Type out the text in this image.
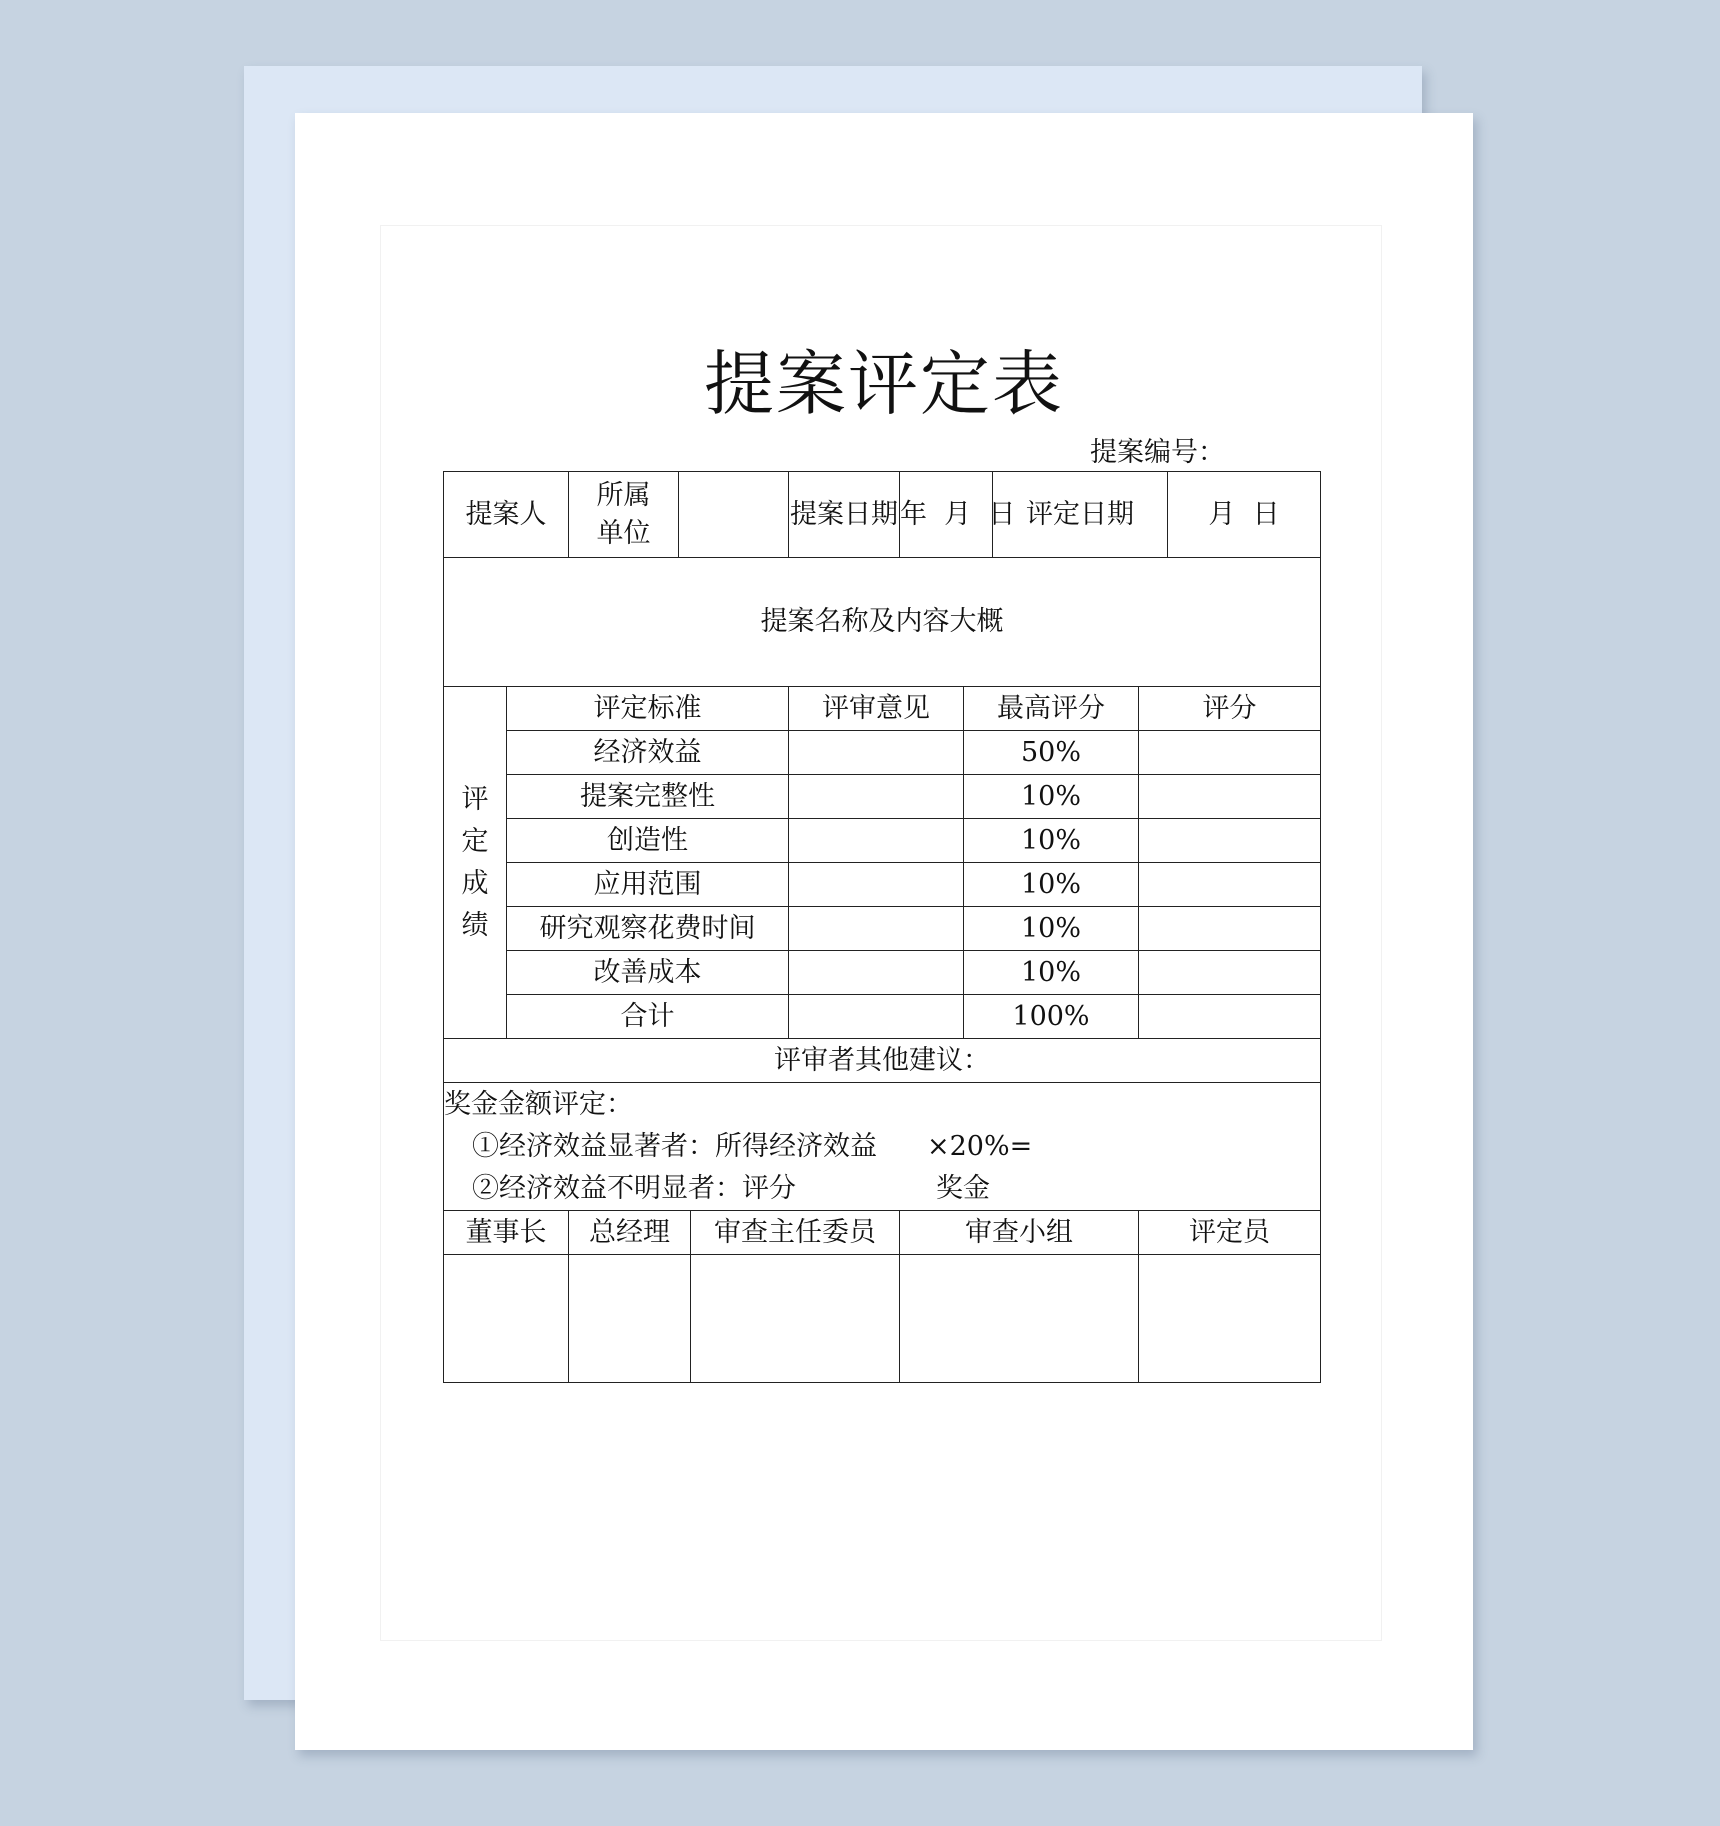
提案评定表
提案编号：
提案人		所属
单位			提案日期	年  月  日		评定日期		月  日
提案名称及内容大概										

评
定
成
绩	评定标准				评审意见		最高评分		评分	
	经济效益						50%			
	提案完整性						10%			
	创造性						10%			
	应用范围						10%			
	研究观察花费时间						10%			
	改善成本						10%			
	合计						100%			
评审者其他建议：										

奖金金额评定：
①经济效益显著者：所得经济效益 ×20%=
②经济效益不明显者：评分 奖金										

董事长		总经理		审查主任委员		审查小组			评定员	
